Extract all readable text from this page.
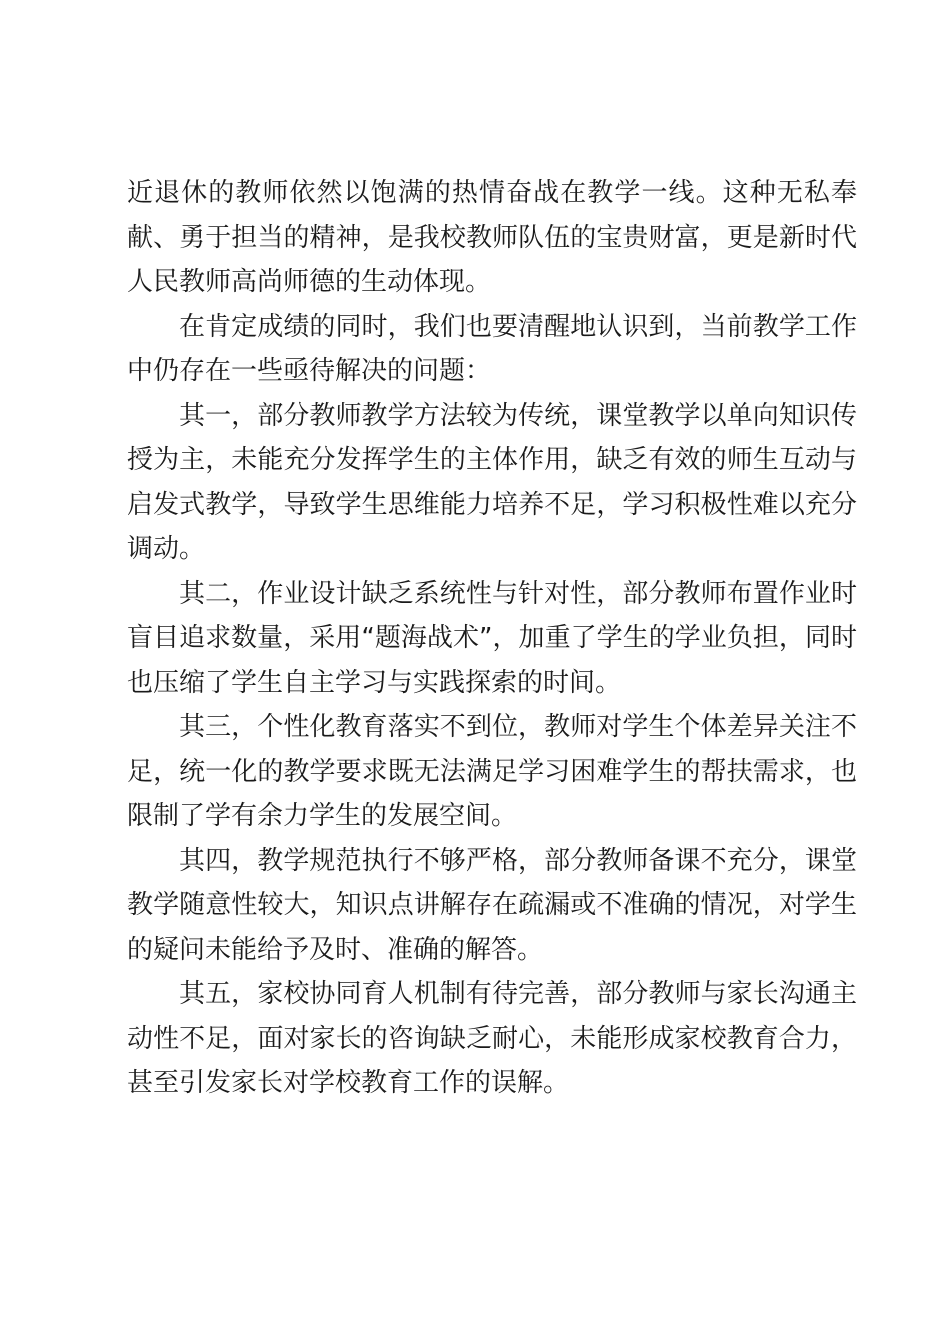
近退休的教师依然以饱满的热情奋战在教学一线。这种无私奉献、勇于担当的精神，是我校教师队伍的宝贵财富，更是新时代人民教师高尚师德的生动体现。

在肯定成绩的同时，我们也要清醒地认识到，当前教学工作中仍存在一些亟待解决的问题：

其一，部分教师教学方法较为传统，课堂教学以单向知识传授为主，未能充分发挥学生的主体作用，缺乏有效的师生互动与启发式教学，导致学生思维能力培养不足，学习积极性难以充分调动。

其二，作业设计缺乏系统性与针对性，部分教师布置作业时盲目追求数量，采用“题海战术”，加重了学生的学业负担，同时也压缩了学生自主学习与实践探索的时间。

其三，个性化教育落实不到位，教师对学生个体差异关注不足，统一化的教学要求既无法满足学习困难学生的帮扶需求，也限制了学有余力学生的发展空间。

其四，教学规范执行不够严格，部分教师备课不充分，课堂教学随意性较大，知识点讲解存在疏漏或不准确的情况，对学生的疑问未能给予及时、准确的解答。

其五，家校协同育人机制有待完善，部分教师与家长沟通主动性不足，面对家长的咨询缺乏耐心，未能形成家校教育合力，甚至引发家长对学校教育工作的误解。
